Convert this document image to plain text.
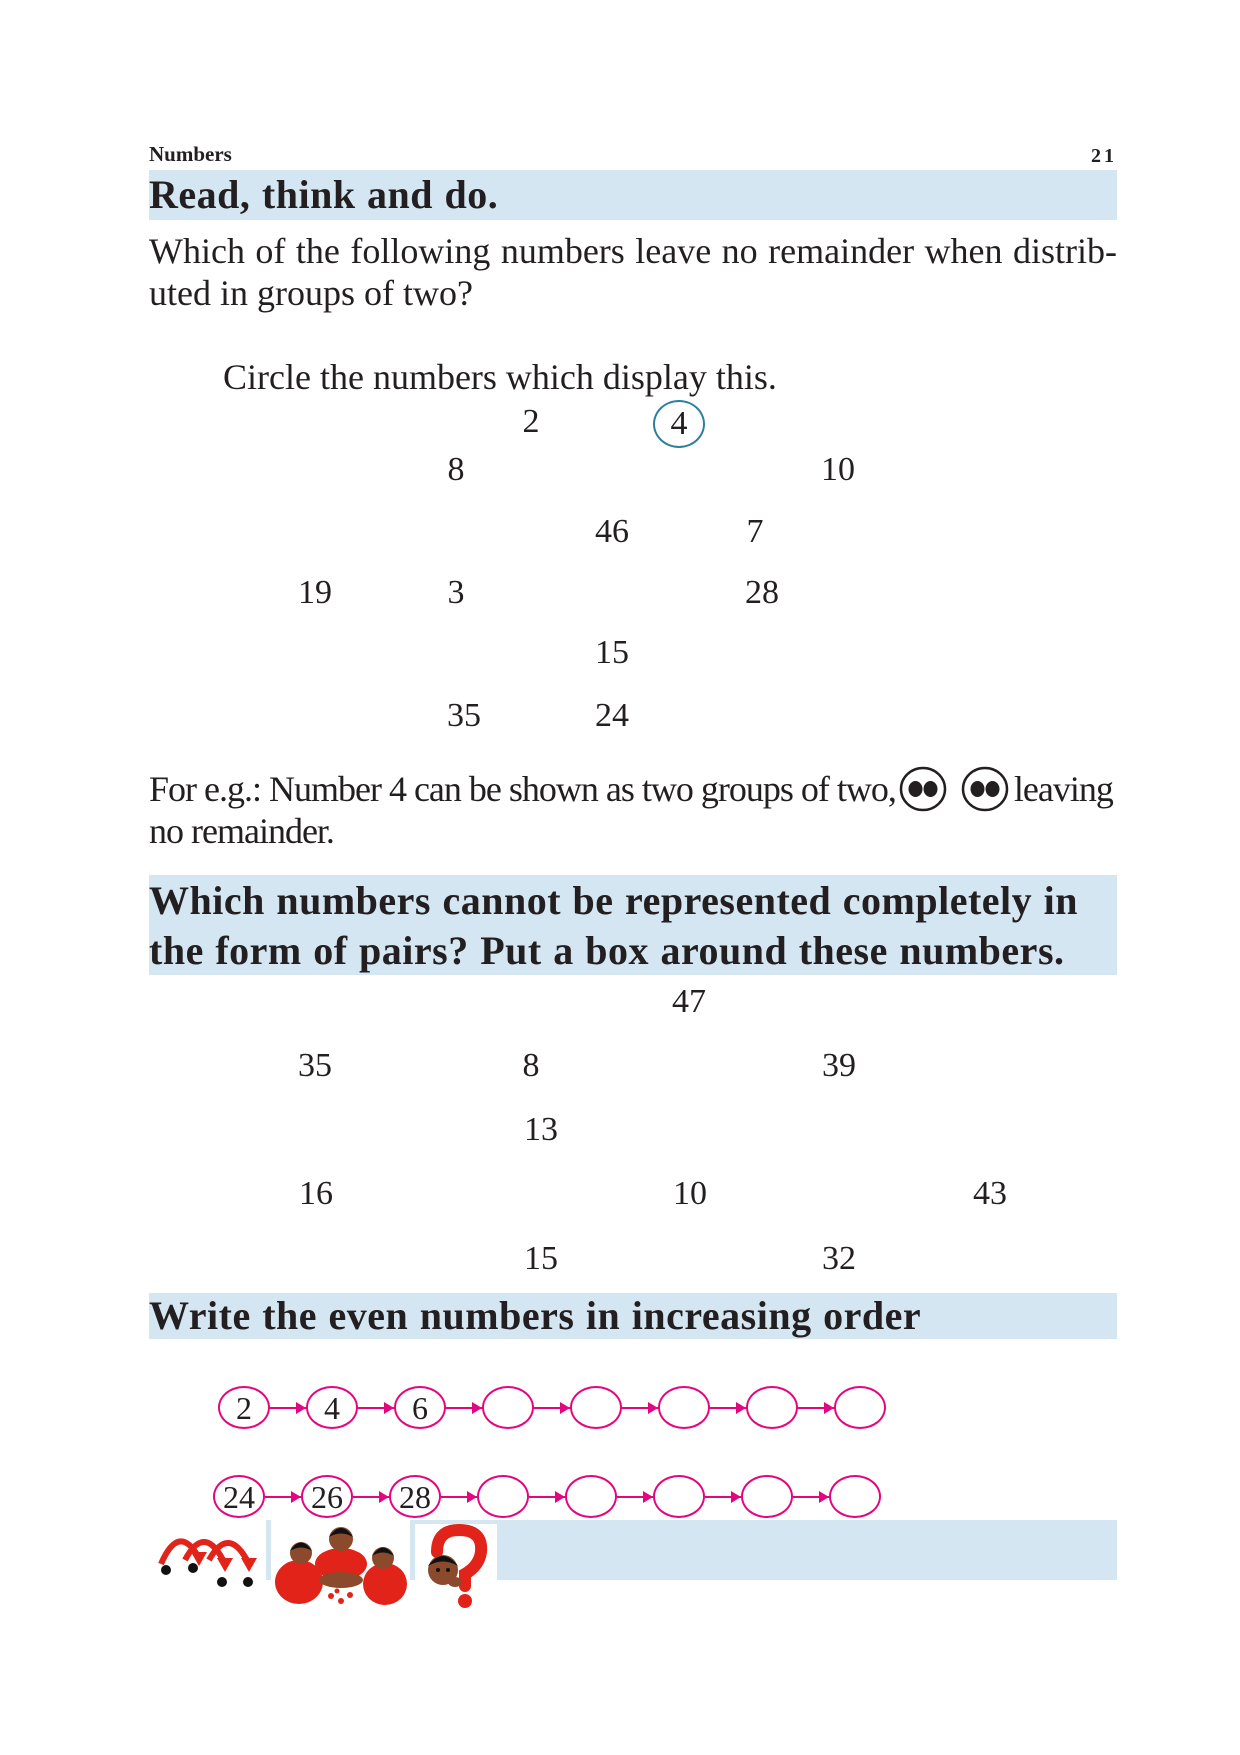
Numbers	21
Read, think and do.
Which of the following numbers leave no remainder when distrib-
uted in groups of two?
Circle the numbers which display this.
2	4
8	10
46	7
19	3	28
15
35	24
For e.g.: Number 4 can be shown as two groups of two,	leaving
no remainder.
Which numbers cannot be represented completely in
the form of pairs? Put a box around these numbers.
47
35	8	39
13
16	10	43
15	32
Write the even numbers in increasing order
2	4	6
24	26	28
